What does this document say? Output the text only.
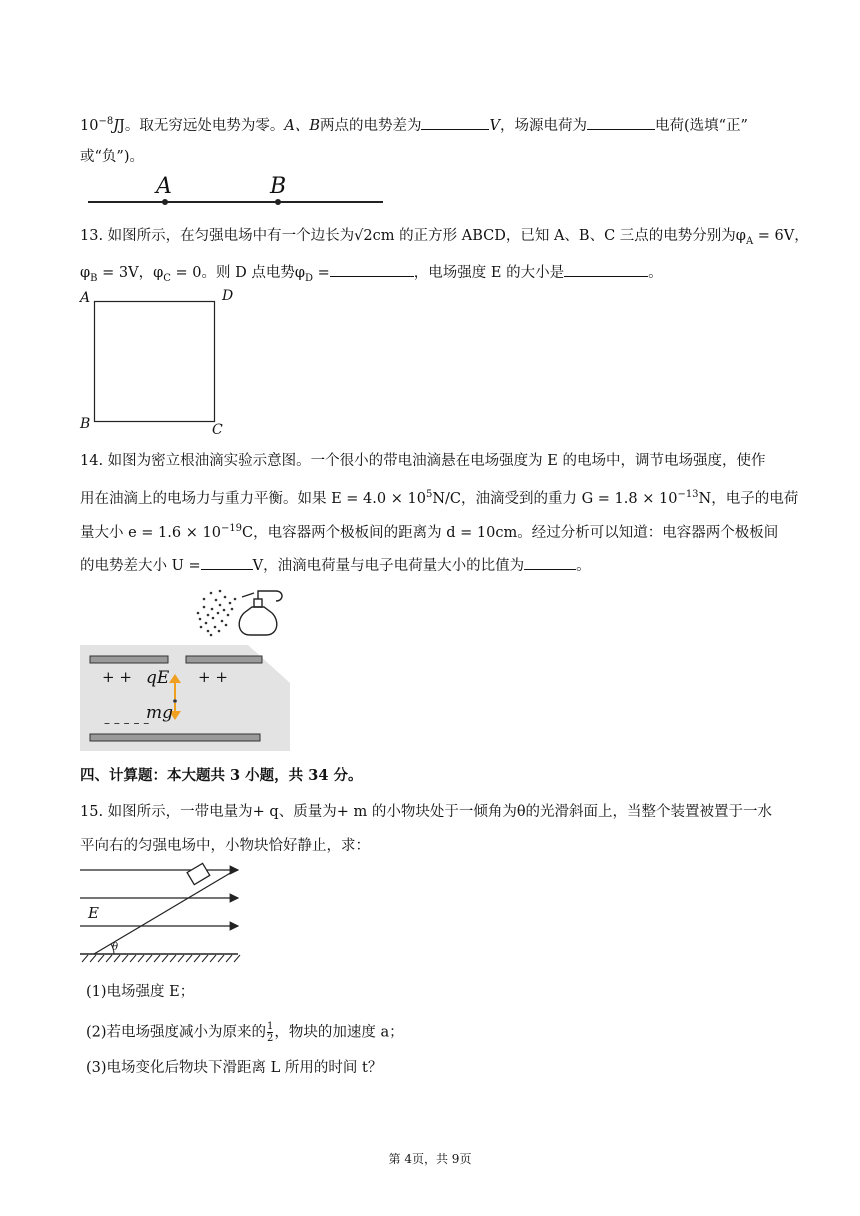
$10^{-8}JJ$。取无穷远处电势为零。A、B两点的电势差为	V，场源电荷为	电荷(选填“正”
或“负”)。
A	B
13. 如图所示，在匀强电场中有一个边长为√2cm 的正方形 ABCD，已知 A、B、C 三点的电势分别为$\varphi_A = 6V$，
$\varphi_B = 3V$，$\varphi_C = 0$。则 D 点电势$\varphi_D$ =	，电场强度 E 的大小是	。
A	D
B	C
14. 如图为密立根油滴实验示意图。一个很小的带电油滴悬在电场强度为 E 的电场中，调节电场强度，使作
用在油滴上的电场力与重力平衡。如果 $E = 4.0 \times 10^5N/C$，油滴受到的重力 $G = 1.8 \times 10^{-13}N$，电子的电荷
量大小 $e = 1.6 \times 10^{-19}C$，电容器两个极板间的距离为 d = 10cm。经过分析可以知道：电容器两个极板间
的电势差大小 U =	V，油滴电荷量与电子电荷量大小的比值为	。
+ +	+ +
qE
mg
– – – – –
四、计算题：本大题共 3 小题，共 34 分。
15. 如图所示，一带电量为+ q、质量为+ m 的小物块处于一倾角为θ的光滑斜面上，当整个装置被置于一水
平向右的匀强电场中，小物块恰好静止，求：
E
θ
(1)电场强度 E；
(2)若电场强度减小为原来的 $\frac{1}{2}$ ，物块的加速度 a；
(3)电场变化后物块下滑距离 L 所用的时间 t？
第 4页，共 9页
